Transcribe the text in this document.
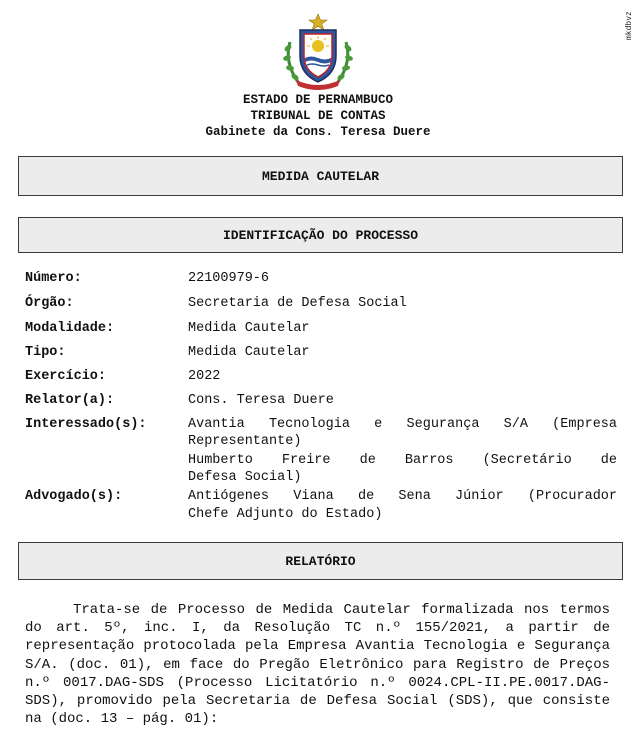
mkdbvz
ESTADO DE PERNAMBUCO
TRIBUNAL DE CONTAS
Gabinete da Cons. Teresa Duere
MEDIDA CAUTELAR
IDENTIFICAÇÃO DO PROCESSO
Número:	22100979-6
Órgão:	Secretaria de Defesa Social
Modalidade:	Medida Cautelar
Tipo:	Medida Cautelar
Exercício:	2022
Relator(a):	Cons. Teresa Duere
Interessado(s):	Avantia Tecnologia e Segurança S/A (Empresa
Representante)
Humberto Freire de Barros (Secretário de
Defesa Social)
Advogado(s):	Antiógenes Viana de Sena Júnior (Procurador
Chefe Adjunto do Estado)
RELATÓRIO
Trata-se de Processo de Medida Cautelar formalizada nos termos do art. 5º, inc. I, da Resolução TC n.º 155/2021, a partir de representação protocolada pela Empresa Avantia Tecnologia e Segurança S/A. (doc. 01), em face do Pregão Eletrônico para Registro de Preços n.º 0017.DAG-SDS (Processo Licitatório n.º 0024.CPL-II.PE.0017.DAG-SDS), promovido pela Secretaria de Defesa Social (SDS), que consiste na (doc. 13 – pág. 01):
